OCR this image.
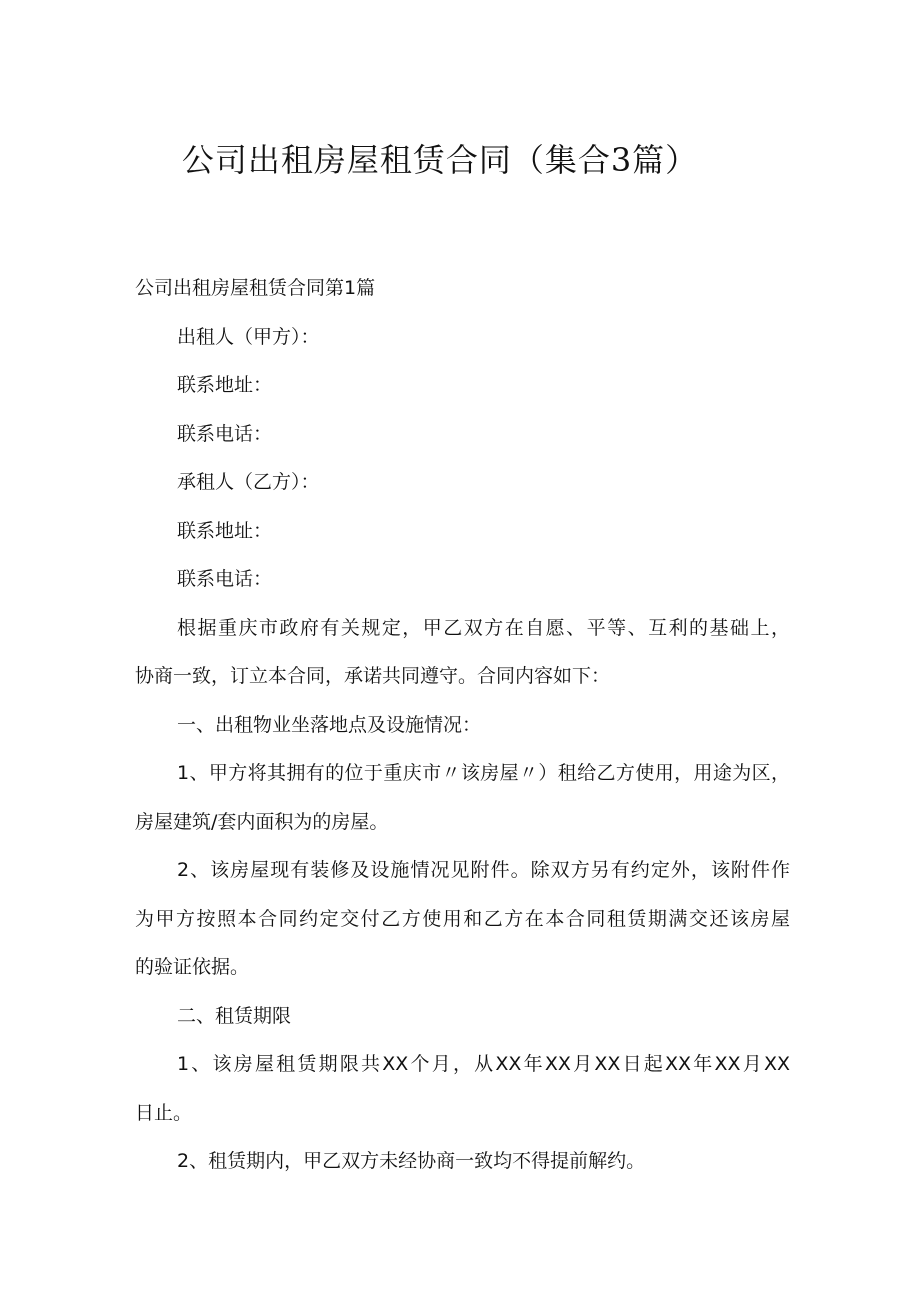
公司出租房屋租赁合同（集合3篇）
公司出租房屋租赁合同第1篇
出租人（甲方）：
联系地址：
联系电话：
承租人（乙方）：
联系地址：
联系电话：
根据重庆市政府有关规定，甲乙双方在自愿、平等、互利的基础上，
协商一致，订立本合同，承诺共同遵守。合同内容如下：
一、出租物业坐落地点及设施情况：
1、甲方将其拥有的位于重庆市〃该房屋〃）租给乙方使用，用途为区，
房屋建筑/套内面积为的房屋。
2、该房屋现有装修及设施情况见附件。除双方另有约定外，该附件作
为甲方按照本合同约定交付乙方使用和乙方在本合同租赁期满交还该房屋
的验证依据。
二、租赁期限
1、该房屋租赁期限共XX个月，从XX年XX月XX日起XX年XX月XX
日止。
2、租赁期内，甲乙双方未经协商一致均不得提前解约。
